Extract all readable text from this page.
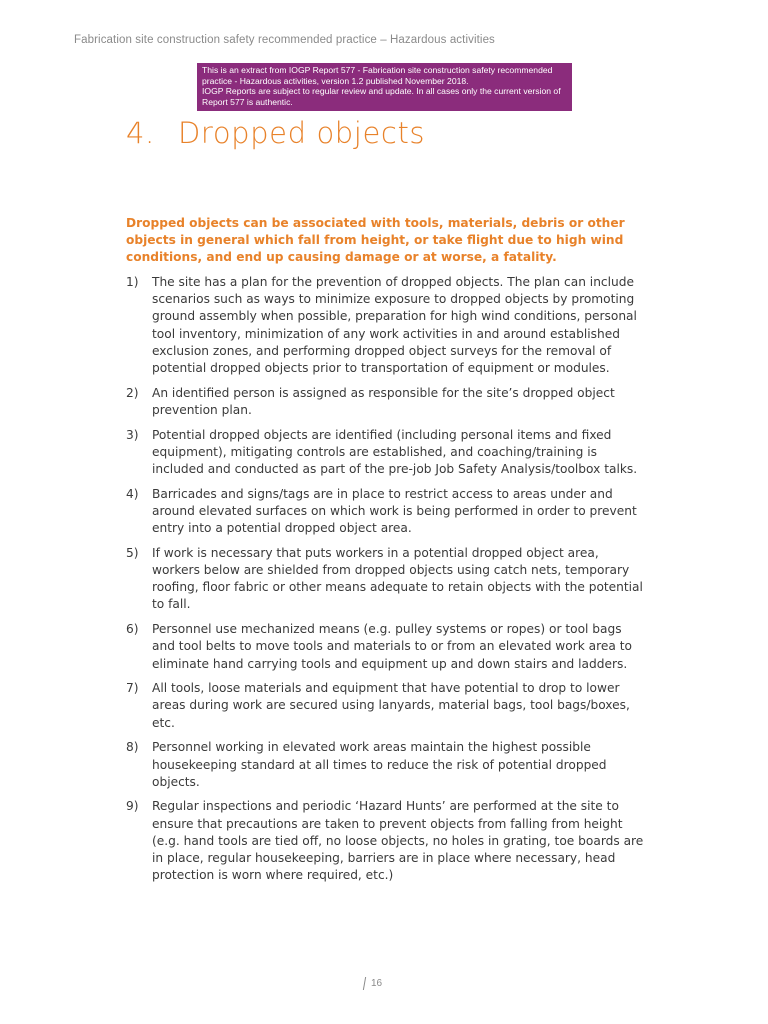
Fabrication site construction safety recommended practice – Hazardous activities

This is an extract from IOGP Report 577 - Fabrication site construction safety recommended practice - Hazardous activities, version 1.2 published November 2018.

IOGP Reports are subject to regular review and update. In all cases only the current version of Report 577 is authentic.

4. Dropped objects

Dropped objects can be associated with tools, materials, debris or other objects in general which fall from height, or take flight due to high wind conditions, and end up causing damage or at worse, a fatality.

1)	The site has a plan for the prevention of dropped objects. The plan can include scenarios such as ways to minimize exposure to dropped objects by promoting ground assembly when possible, preparation for high wind conditions, personal tool inventory, minimization of any work activities in and around established exclusion zones, and performing dropped object surveys for the removal of potential dropped objects prior to transportation of equipment or modules.
2)	An identified person is assigned as responsible for the site’s dropped object prevention plan.
3)	Potential dropped objects are identified (including personal items and fixed equipment), mitigating controls are established, and coaching/training is included and conducted as part of the pre-job Job Safety Analysis/toolbox talks.
4)	Barricades and signs/tags are in place to restrict access to areas under and around elevated surfaces on which work is being performed in order to prevent entry into a potential dropped object area.
5)	If work is necessary that puts workers in a potential dropped object area, workers below are shielded from dropped objects using catch nets, temporary roofing, floor fabric or other means adequate to retain objects with the potential to fall.
6)	Personnel use mechanized means (e.g. pulley systems or ropes) or tool bags and tool belts to move tools and materials to or from an elevated work area to eliminate hand carrying tools and equipment up and down stairs and ladders.
7)	All tools, loose materials and equipment that have potential to drop to lower areas during work are secured using lanyards, material bags, tool bags/boxes, etc.
8)	Personnel working in elevated work areas maintain the highest possible housekeeping standard at all times to reduce the risk of potential dropped objects.
9)	Regular inspections and periodic ‘Hazard Hunts’ are performed at the site to ensure that precautions are taken to prevent objects from falling from height (e.g. hand tools are tied off, no loose objects, no holes in grating, toe boards are in place, regular housekeeping, barriers are in place where necessary, head protection is worn where required, etc.)
16
